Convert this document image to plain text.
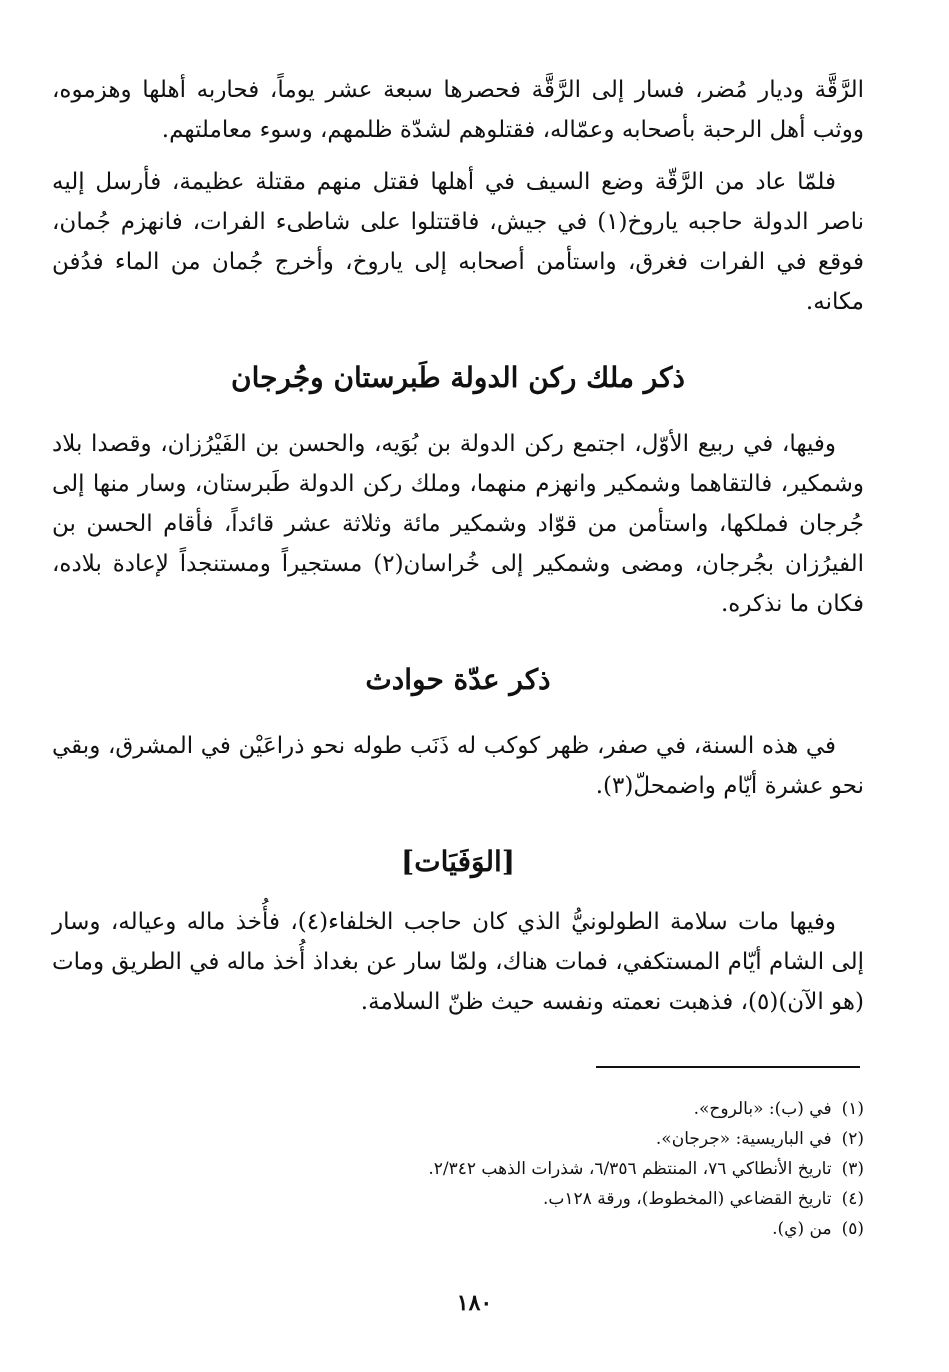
الرَّقَّة وديار مُضر، فسار إلى الرَّقَّة فحصرها سبعة عشر يوماً، فحاربه أهلها وهزموه، ووثب أهل الرحبة بأصحابه وعمّاله، فقتلوهم لشدّة ظلمهم، وسوء معاملتهم.

فلمّا عاد من الرَّقّة وضع السيف في أهلها فقتل منهم مقتلة عظيمة، فأرسل إليه ناصر الدولة حاجبه ياروخ(١) في جيش، فاقتتلوا على شاطىء الفرات، فانهزم جُمان، فوقع في الفرات فغرق، واستأمن أصحابه إلى ياروخ، وأخرج جُمان من الماء فدُفن مكانه.

ذكر ملك ركن الدولة طَبرستان وجُرجان

وفيها، في ربيع الأوّل، اجتمع ركن الدولة بن بُوَيه، والحسن بن الفَيْرُزان، وقصدا بلاد وشمكير، فالتقاهما وشمكير وانهزم منهما، وملك ركن الدولة طَبرستان، وسار منها إلى جُرجان فملكها، واستأمن من قوّاد وشمكير مائة وثلاثة عشر قائداً، فأقام الحسن بن الفيرُزان بجُرجان، ومضى وشمكير إلى خُراسان(٢) مستجيراً ومستنجداً لإعادة بلاده، فكان ما نذكره.

ذكر عدّة حوادث

في هذه السنة، في صفر، ظهر كوكب له ذَنَب طوله نحو ذراعَيْن في المشرق، وبقي نحو عشرة أيّام واضمحلّ(٣).

[الوَفَيَات]

وفيها مات سلامة الطولونيُّ الذي كان حاجب الخلفاء(٤)، فأُخذ ماله وعياله، وسار إلى الشام أيّام المستكفي، فمات هناك، ولمّا سار عن بغداذ أُخذ ماله في الطريق ومات (هو الآن)(٥)، فذهبت نعمته ونفسه حيث ظنّ السلامة.

(١)في (ب): «بالروح».
(٢)في الباريسية: «جرجان».
(٣)تاريخ الأنطاكي ٧٦، المنتظم ٦/٣٥٦، شذرات الذهب ٢/٣٤٢.
(٤)تاريخ القضاعي (المخطوط)، ورقة ١٢٨ب.
(٥)من (ي).
١٨٠
